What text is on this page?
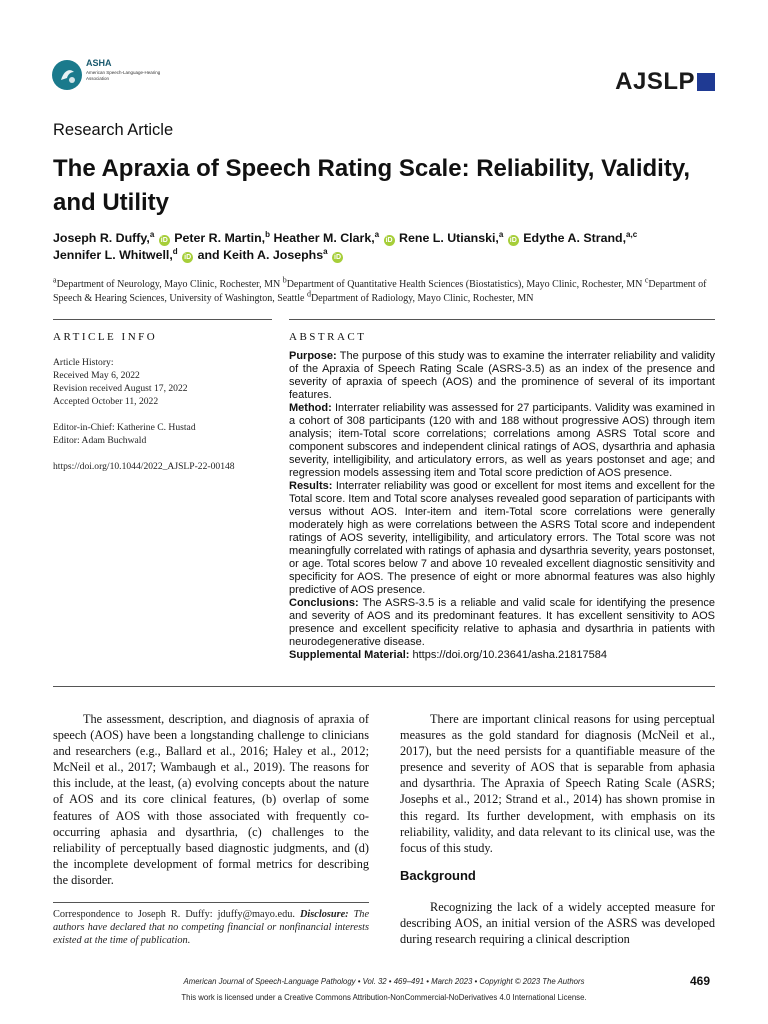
ASHA
American Speech-Language-Hearing Association	AJSLP
Research Article
The Apraxia of Speech Rating Scale: Reliability, Validity, and Utility
Joseph R. Duffy,$^a$ iD Peter R. Martin,$^b$ Heather M. Clark,$^a$ iD Rene L. Utianski,$^a$ iD Edythe A. Strand,$^{a,c}$
Jennifer L. Whitwell,$^d$ iD and Keith A. Josephs$^a$ iD
$^a$Department of Neurology, Mayo Clinic, Rochester, MN $^b$Department of Quantitative Health Sciences (Biostatistics), Mayo Clinic, Rochester, MN $^c$Department of Speech & Hearing Sciences, University of Washington, Seattle $^d$Department of Radiology, Mayo Clinic, Rochester, MN
ARTICLE INFO	ABSTRACT
Article History:
Received May 6, 2022
Revision received August 17, 2022
Accepted October 11, 2022
Editor-in-Chief: Katherine C. Hustad
Editor: Adam Buchwald
https://doi.org/10.1044/2022_AJSLP-22-00148
Purpose: The purpose of this study was to examine the interrater reliability and validity of the Apraxia of Speech Rating Scale (ASRS-3.5) as an index of the presence and severity of apraxia of speech (AOS) and the prominence of several of its important features.
Method: Interrater reliability was assessed for 27 participants. Validity was examined in a cohort of 308 participants (120 with and 188 without progressive AOS) through item analysis; item-Total score correlations; correlations among ASRS Total score and component subscores and independent clinical ratings of AOS, dysarthria and aphasia severity, intelligibility, and articulatory errors, as well as years postonset and age; and regression models assessing item and Total score prediction of AOS presence.
Results: Interrater reliability was good or excellent for most items and excellent for the Total score. Item and Total score analyses revealed good separation of participants with versus without AOS. Inter-item and item-Total score correlations were generally moderately high as were correlations between the ASRS Total score and independent ratings of AOS severity, intelligibility, and articulatory errors. The Total score was not meaningfully correlated with ratings of aphasia and dysarthria severity, years postonset, or age. Total scores below 7 and above 10 revealed excellent diagnostic sensitivity and specificity for AOS. The presence of eight or more abnormal features was also highly predictive of AOS presence.
Conclusions: The ASRS-3.5 is a reliable and valid scale for identifying the presence and severity of AOS and its predominant features. It has excellent sensitivity to AOS presence and excellent specificity relative to aphasia and dysarthria in patients with neurodegenerative disease.
Supplemental Material: https://doi.org/10.23641/asha.21817584

The assessment, description, and diagnosis of apraxia of speech (AOS) have been a longstanding challenge to clinicians and researchers (e.g., Ballard et al., 2016; Haley et al., 2012; McNeil et al., 2017; Wambaugh et al., 2019). The reasons for this include, at the least, (a) evolving concepts about the nature of AOS and its core clinical features, (b) overlap of some features of AOS with those associated with frequently co-occurring aphasia and dysarthria, (c) challenges to the reliability of perceptually based diagnostic judgments, and (d) the incomplete development of formal metrics for describing the disorder.

There are important clinical reasons for using perceptual measures as the gold standard for diagnosis (McNeil et al., 2017), but the need persists for a quantifiable measure of the presence and severity of AOS that is separable from aphasia and dysarthria. The Apraxia of Speech Rating Scale (ASRS; Josephs et al., 2012; Strand et al., 2014) has shown promise in this regard. Its further development, with emphasis on its reliability, validity, and data relevant to its clinical use, was the focus of this study.

Background

Recognizing the lack of a widely accepted measure for describing AOS, an initial version of the ASRS was developed during research requiring a clinical description

Correspondence to Joseph R. Duffy: jduffy@mayo.edu. Disclosure: The authors have declared that no competing financial or nonfinancial interests existed at the time of publication.
American Journal of Speech-Language Pathology • Vol. 32 • 469–491 • March 2023 • Copyright © 2023 The Authors
This work is licensed under a Creative Commons Attribution-NonCommercial-NoDerivatives 4.0 International License.
469
